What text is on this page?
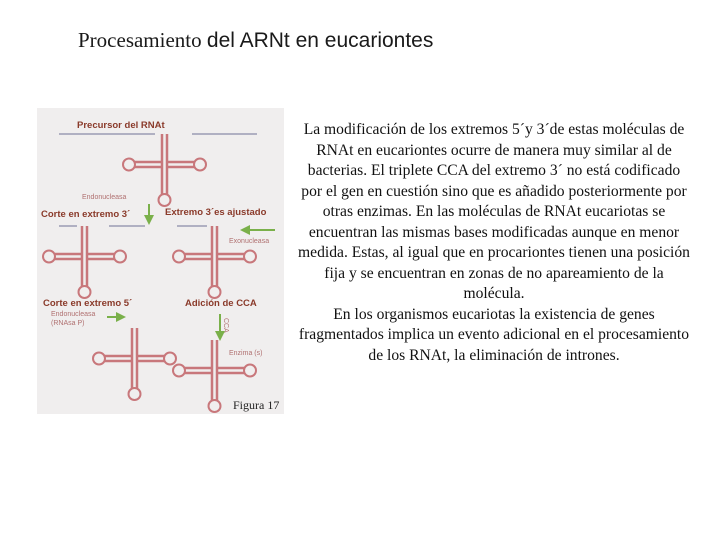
Procesamiento del ARNt en eucariontes
Precursor del RNAt
Endonucleasa
Corte en extremo 3´	Extremo 3´es ajustado
Exonucleasa
Corte en extremo 5´
Endonucleasa
(RNAsa P)
Adición de CCA
CCA
Enzima (s)
Figura 17
La modificación de los extremos 5´y 3´de estas moléculas de RNAt en eucariontes ocurre de manera muy similar al de bacterias. El triplete CCA del extremo 3´ no está codificado por el gen en cuestión sino que es añadido posteriormente por otras enzimas. En las moléculas de RNAt eucariotas se encuentran las mismas bases modificadas aunque en menor medida. Estas, al igual que en procariontes tienen una posición fija y se encuentran en zonas de no apareamiento de la molécula.
En los organismos eucariotas la existencia de genes fragmentados implica un evento adicional en el procesamiento de los RNAt, la eliminación de intrones.
